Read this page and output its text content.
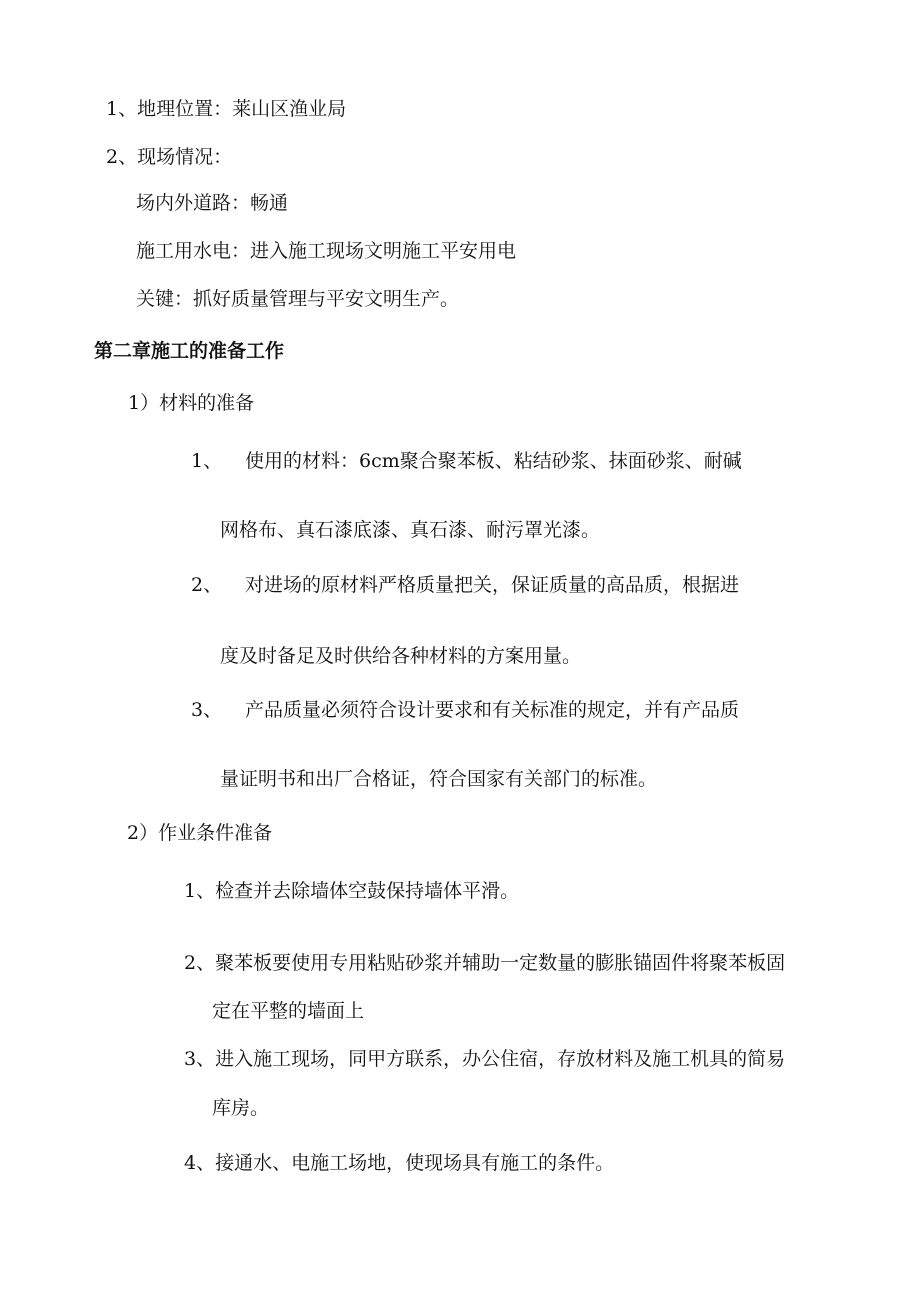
1、地理位置：莱山区渔业局
2、现场情况：
场内外道路：畅通
施工用水电：进入施工现场文明施工平安用电
关键：抓好质量管理与平安文明生产。
第二章施工的准备工作
1）材料的准备
1、 使用的材料：6cm聚合聚苯板、粘结砂浆、抹面砂浆、耐碱
网格布、真石漆底漆、真石漆、耐污罩光漆。
2、 对进场的原材料严格质量把关，保证质量的高品质，根据进
度及时备足及时供给各种材料的方案用量。
3、 产品质量必须符合设计要求和有关标准的规定，并有产品质
量证明书和出厂合格证，符合国家有关部门的标准。
2）作业条件准备
1、检查并去除墙体空鼓保持墙体平滑。
2、聚苯板要使用专用粘贴砂浆并辅助一定数量的膨胀锚固件将聚苯板固
定在平整的墙面上
3、进入施工现场，同甲方联系，办公住宿，存放材料及施工机具的简易
库房。
4、接通水、电施工场地，使现场具有施工的条件。
